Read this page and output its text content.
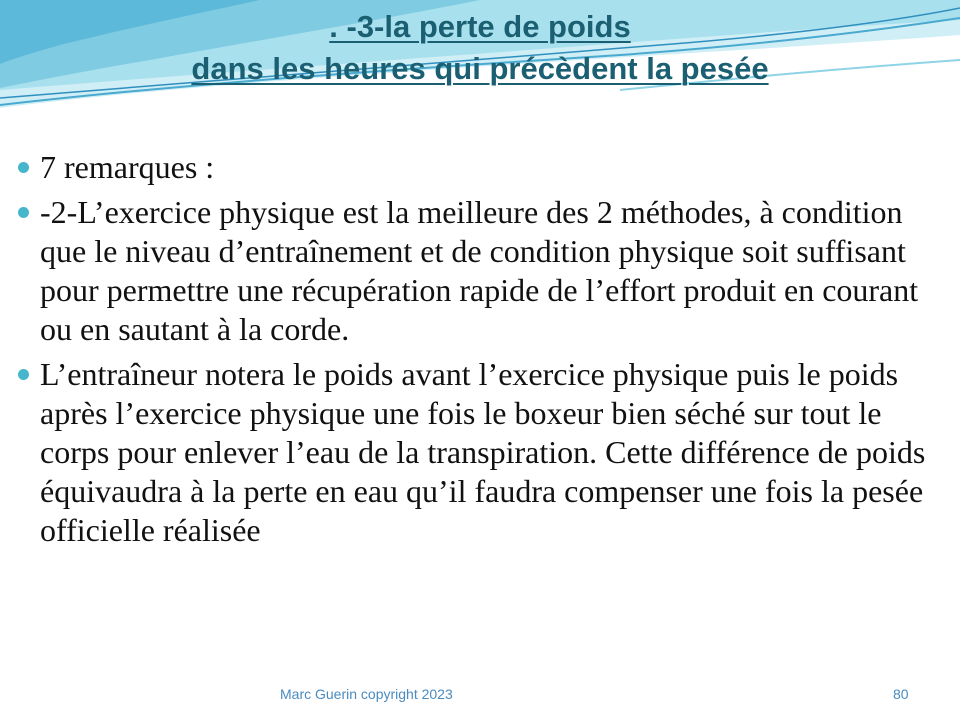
. -3-la perte de poids
dans les heures qui précèdent la pesée
7 remarques :
-2-L’exercice physique est la meilleure des 2 méthodes, à condition que le niveau d’entraînement et de condition physique soit suffisant pour permettre une récupération rapide de l’effort produit en courant ou en sautant à la corde.
L’entraîneur notera le poids avant l’exercice physique puis le poids après l’exercice physique une fois le boxeur bien séché sur tout le corps pour enlever l’eau de la transpiration. Cette différence de poids équivaudra à la perte en eau qu’il faudra compenser une fois la pesée officielle réalisée
Marc Guerin copyright 2023	80
